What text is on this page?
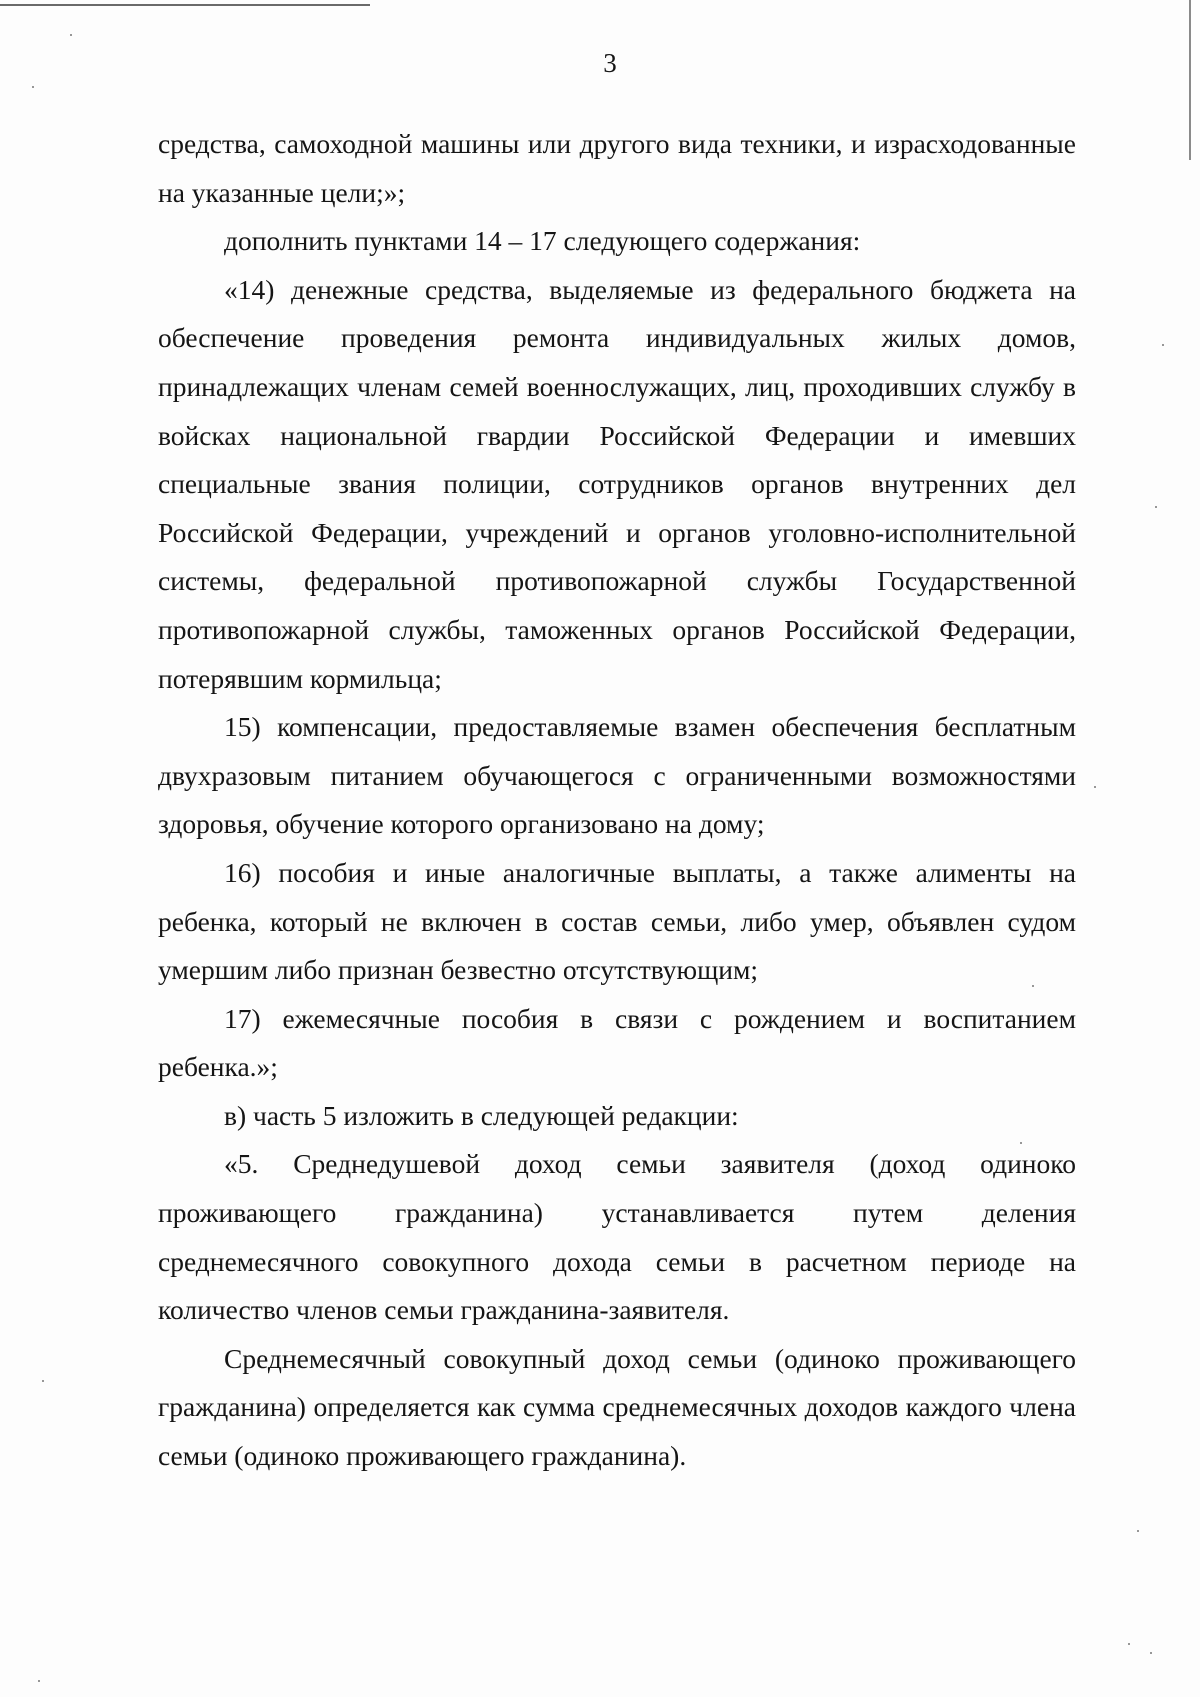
3

средства, самоходной машины или другого вида техники, и израсходованные на указанные цели;»;

дополнить пунктами 14 – 17 следующего содержания:

«14) денежные средства, выделяемые из федерального бюджета на обеспечение проведения ремонта индивидуальных жилых домов, принадлежащих членам семей военнослужащих, лиц, проходивших службу в войсках национальной гвардии Российской Федерации и имевших специальные звания полиции, сотрудников органов внутренних дел Российской Федерации, учреждений и органов уголовно-исполнительной системы, федеральной противопожарной службы Государственной противопожарной службы, таможенных органов Российской Федерации, потерявшим кормильца;

15) компенсации, предоставляемые взамен обеспечения бесплатным двухразовым питанием обучающегося с ограниченными возможностями здоровья, обучение которого организовано на дому;

16) пособия и иные аналогичные выплаты, а также алименты на ребенка, который не включен в состав семьи, либо умер, объявлен судом умершим либо признан безвестно отсутствующим;

17) ежемесячные пособия в связи с рождением и воспитанием ребенка.»;

в) часть 5 изложить в следующей редакции:

«5. Среднедушевой доход семьи заявителя (доход одиноко проживающего гражданина) устанавливается путем деления среднемесячного совокупного дохода семьи в расчетном периоде на количество членов семьи гражданина-заявителя.

Среднемесячный совокупный доход семьи (одиноко проживающего гражданина) определяется как сумма среднемесячных доходов каждого члена семьи (одиноко проживающего гражданина).
